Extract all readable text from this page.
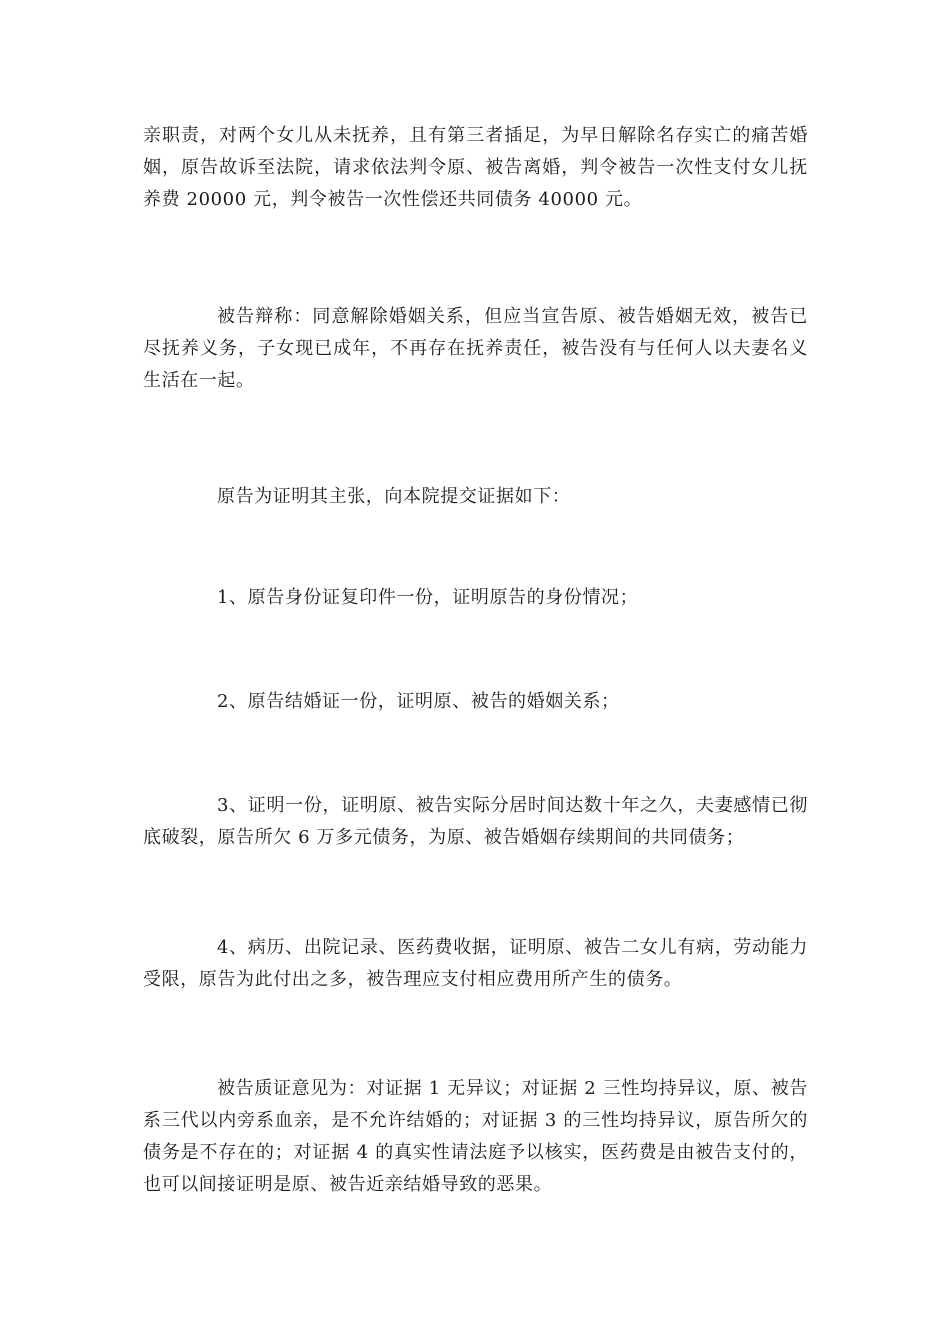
亲职责，对两个女儿从未抚养，且有第三者插足，为早日解除名存实亡的痛苦婚姻，原告故诉至法院，请求依法判令原、被告离婚，判令被告一次性支付女儿抚养费 20000 元，判令被告一次性偿还共同债务 40000 元。

被告辩称：同意解除婚姻关系，但应当宣告原、被告婚姻无效，被告已尽抚养义务，子女现已成年，不再存在抚养责任，被告没有与任何人以夫妻名义生活在一起。

原告为证明其主张，向本院提交证据如下：

1、原告身份证复印件一份，证明原告的身份情况；

2、原告结婚证一份，证明原、被告的婚姻关系；

3、证明一份，证明原、被告实际分居时间达数十年之久，夫妻感情已彻底破裂，原告所欠 6 万多元债务，为原、被告婚姻存续期间的共同债务；

4、病历、出院记录、医药费收据，证明原、被告二女儿有病，劳动能力受限，原告为此付出之多，被告理应支付相应费用所产生的债务。

被告质证意见为：对证据 1 无异议；对证据 2 三性均持异议，原、被告系三代以内旁系血亲，是不允许结婚的；对证据 3 的三性均持异议，原告所欠的债务是不存在的；对证据 4 的真实性请法庭予以核实，医药费是由被告支付的，也可以间接证明是原、被告近亲结婚导致的恶果。
